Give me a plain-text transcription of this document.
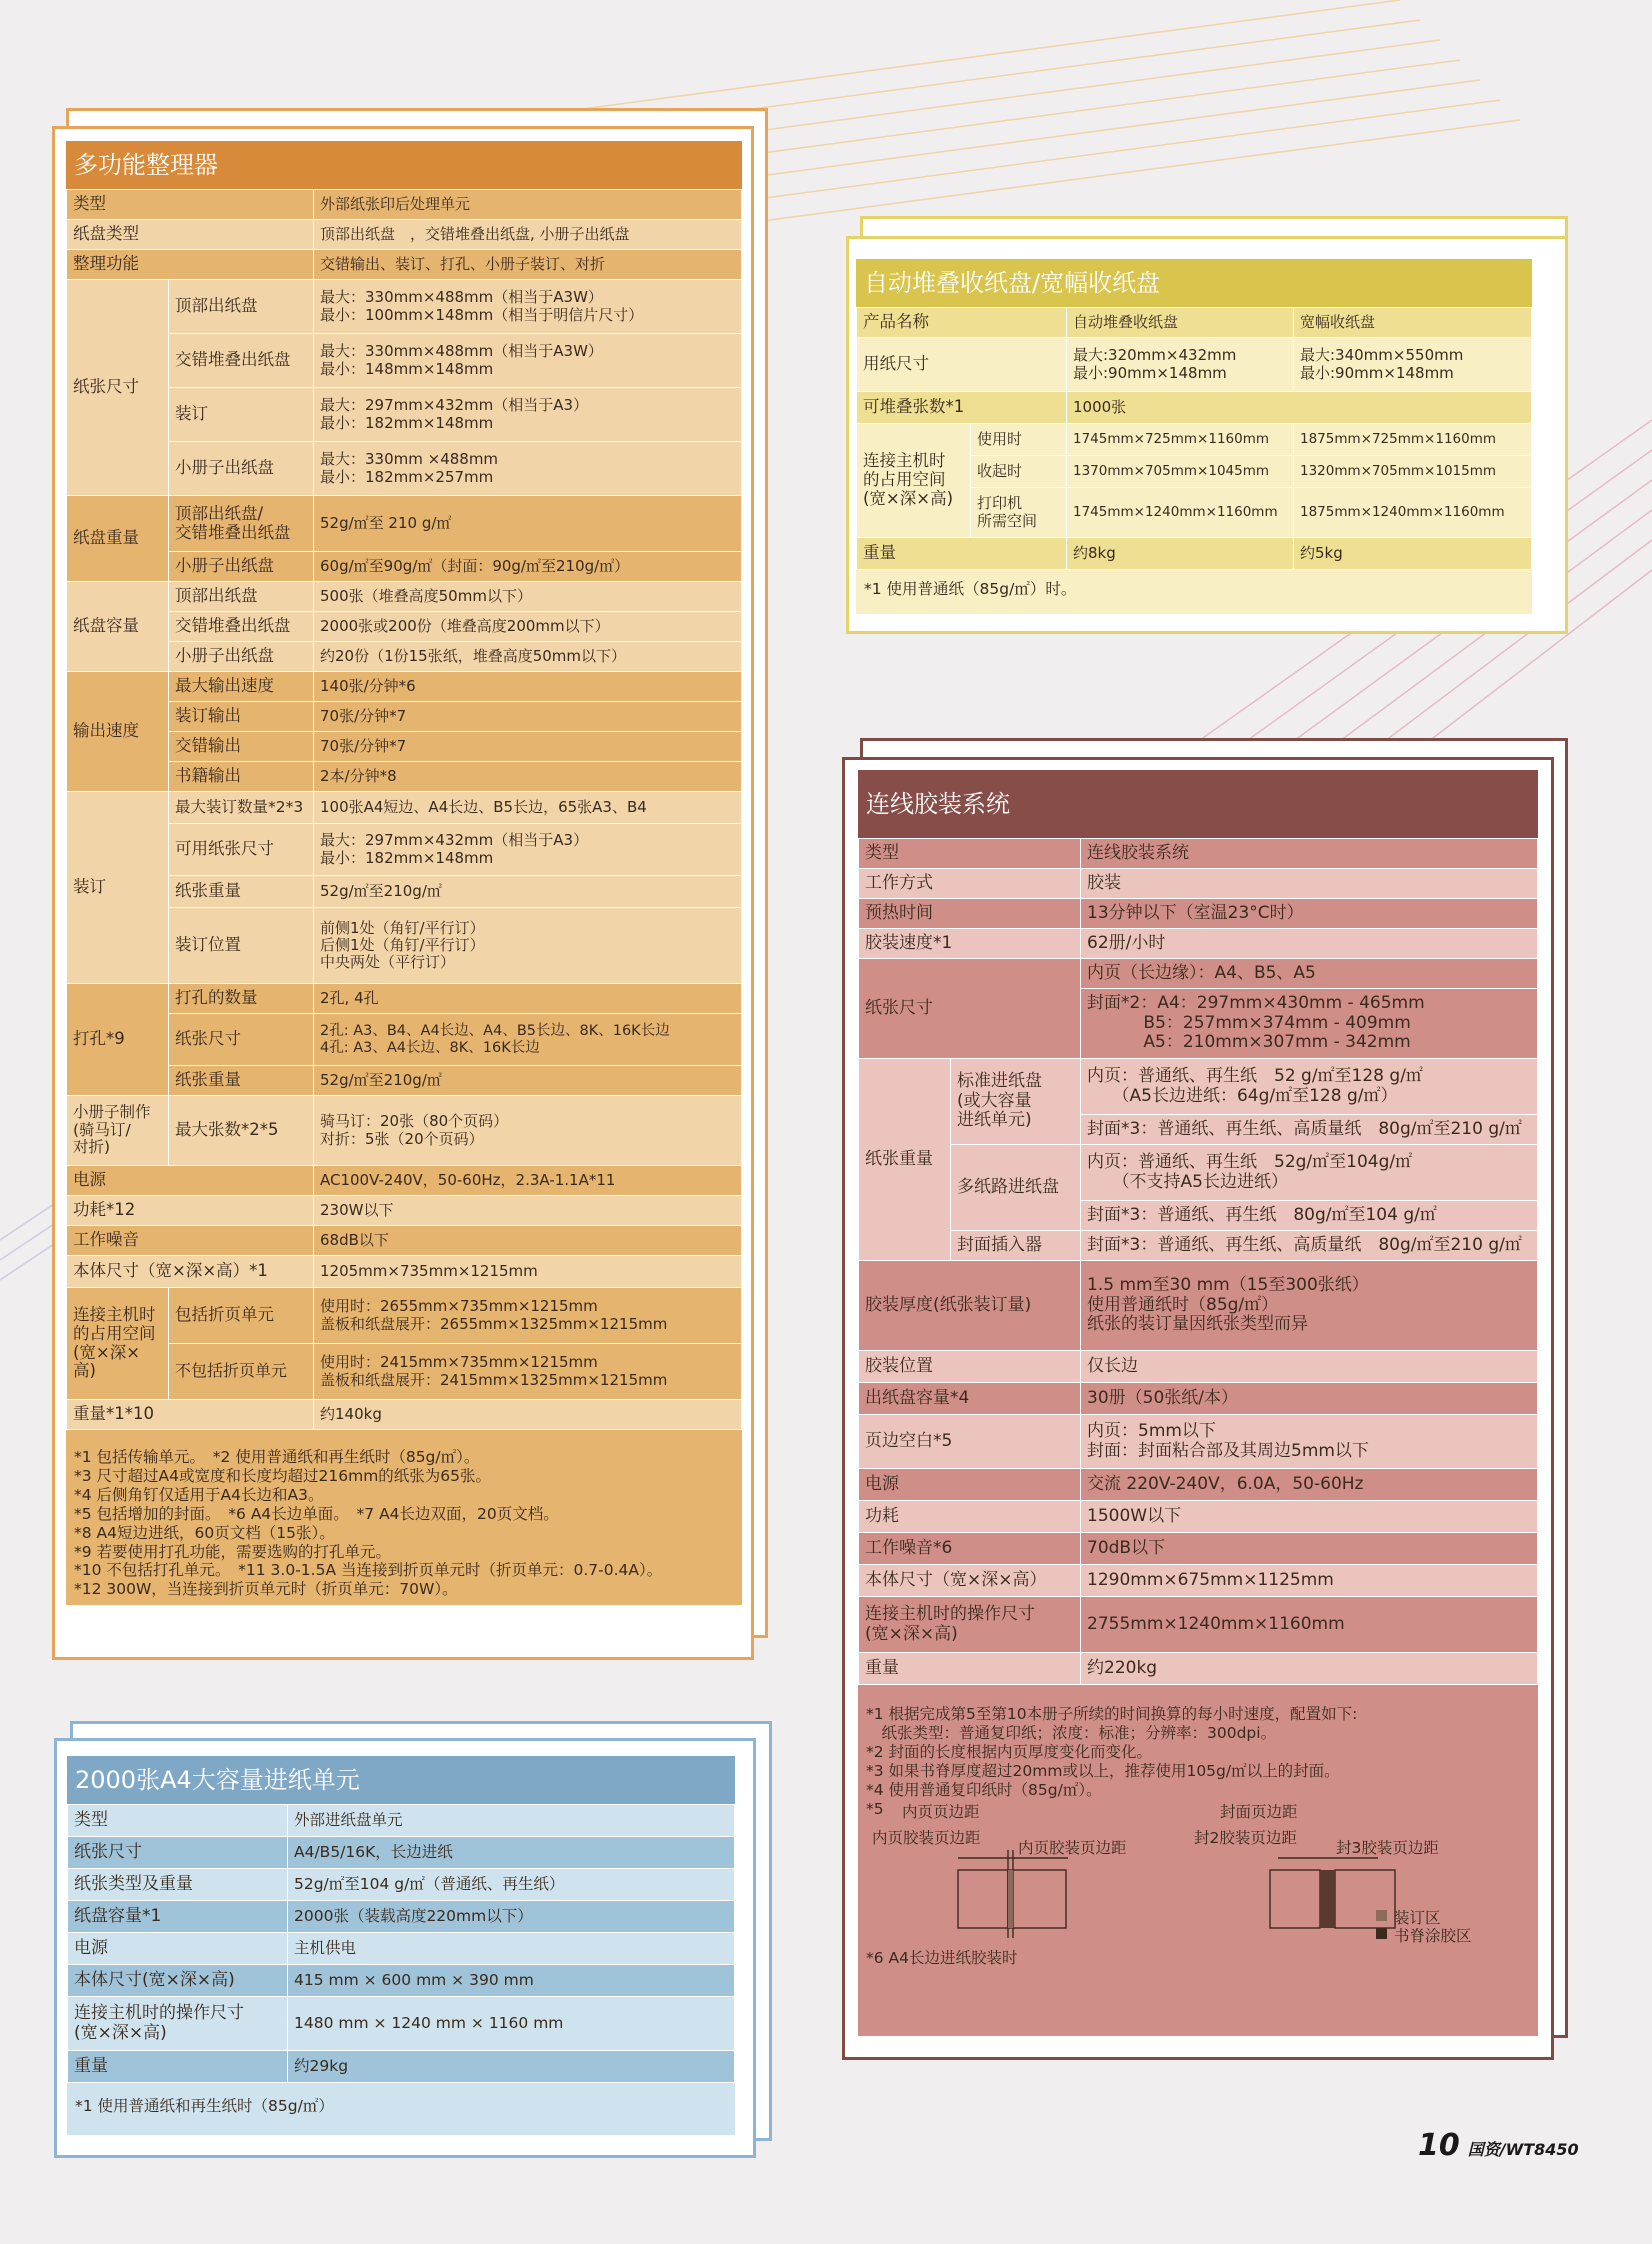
多功能整理器
类型		外部纸张印后处理单元
纸盘类型		顶部出纸盘　，交错堆叠出纸盘, 小册子出纸盘
整理功能		交错输出、装订、打孔、小册子装订、对折
纸张尺寸	顶部出纸盘	最大：330mm×488mm（相当于A3W）
最小：100mm×148mm（相当于明信片尺寸）
	交错堆叠出纸盘	最大：330mm×488mm（相当于A3W）
最小：148mm×148mm
	装订	最大：297mm×432mm（相当于A3）
最小：182mm×148mm
	小册子出纸盘	最大：330mm ×488mm
最小：182mm×257mm
纸盘重量	顶部出纸盘/
交错堆叠出纸盘	52g/㎡至 210 g/㎡
	小册子出纸盘	60g/㎡至90g/㎡（封面：90g/㎡至210g/㎡）
纸盘容量	顶部出纸盘	500张（堆叠高度50mm以下）
	交错堆叠出纸盘	2000张或200份（堆叠高度200mm以下）
	小册子出纸盘	约20份（1份15张纸，堆叠高度50mm以下）
输出速度	最大输出速度	140张/分钟*6
	装订输出	70张/分钟*7
	交错输出	70张/分钟*7
	书籍输出	2本/分钟*8
装订	最大装订数量*2*3	100张A4短边、A4长边、B5长边，65张A3、B4
	可用纸张尺寸	最大：297mm×432mm（相当于A3）
最小：182mm×148mm
	纸张重量	52g/㎡至210g/㎡
	装订位置	前侧1处（角钉/平行订）
后侧1处（角钉/平行订）
中央两处（平行订）
打孔*9	打孔的数量	2孔, 4孔
	纸张尺寸	2孔: A3、B4、A4长边、A4、B5长边、8K、16K长边
4孔: A3、A4长边、8K、16K长边
	纸张重量	52g/㎡至210g/㎡
小册子制作
(骑马订/
对折)	最大张数*2*5	骑马订：20张（80个页码）
对折：5张（20个页码）
电源		AC100V-240V，50-60Hz，2.3A-1.1A*11
功耗*12		230W以下
工作噪音		68dB以下
本体尺寸（宽×深×高）*1		1205mm×735mm×1215mm
连接主机时
的占用空间
(宽×深×高)	包括折页单元	使用时：2655mm×735mm×1215mm
盖板和纸盘展开：2655mm×1325mm×1215mm
	不包括折页单元	使用时：2415mm×735mm×1215mm
盖板和纸盘展开：2415mm×1325mm×1215mm
重量*1*10		约140kg
*1 包括传输单元。　*2 使用普通纸和再生纸时（85g/㎡）。
*3 尺寸超过A4或宽度和长度均超过216mm的纸张为65张。
*4 后侧角钉仅适用于A4长边和A3。
*5 包括增加的封面。　*6 A4长边单面。　*7 A4长边双面，20页文档。
*8 A4短边进纸，60页文档（15张）。
*9 若要使用打孔功能，需要选购的打孔单元。
*10 不包括打孔单元。　*11 3.0-1.5A 当连接到折页单元时（折页单元：0.7-0.4A）。
*12 300W，当连接到折页单元时（折页单元：70W）。
自动堆叠收纸盘/宽幅收纸盘
产品名称		自动堆叠收纸盘	宽幅收纸盘
用纸尺寸		最大:320mm×432mm
最小:90mm×148mm	最大:340mm×550mm
最小:90mm×148mm
可堆叠张数*1		1000张	
连接主机时
的占用空间
(宽×深×高)	使用时	1745mm×725mm×1160mm	1875mm×725mm×1160mm
	收起时	1370mm×705mm×1045mm	1320mm×705mm×1015mm
	打印机
所需空间	1745mm×1240mm×1160mm	1875mm×1240mm×1160mm
重量		约8kg	约5kg
*1 使用普通纸（85g/㎡）时。
连线胶装系统
类型		连线胶装系统
工作方式		胶装
预热时间		13分钟以下（室温23°C时）
胶装速度*1		62册/小时
纸张尺寸		内页（长边缘）：A4、B5、A5
		封面*2：A4：297mm×430mm - 465mm
　　　 B5：257mm×374mm - 409mm
　　　 A5：210mm×307mm - 342mm
纸张重量	标准进纸盘
(或大容量
进纸单元)	内页：普通纸、再生纸　52 g/㎡至128 g/㎡
　　（A5长边进纸：64g/㎡至128 g/㎡）
		封面*3：普通纸、再生纸、高质量纸　80g/㎡至210 g/㎡
	多纸路进纸盘	内页：普通纸、再生纸　52g/㎡至104g/㎡
　　（不支持A5长边进纸）
		封面*3：普通纸、再生纸　80g/㎡至104 g/㎡
	封面插入器	封面*3：普通纸、再生纸、高质量纸　80g/㎡至210 g/㎡
胶装厚度(纸张装订量)		1.5 mm至30 mm（15至300张纸）
使用普通纸时（85g/㎡）
纸张的装订量因纸张类型而异
胶装位置		仅长边
出纸盘容量*4		30册（50张纸/本）
页边空白*5		内页：5mm以下
封面：封面粘合部及其周边5mm以下
电源		交流 220V-240V，6.0A，50-60Hz
功耗		1500W以下
工作噪音*6		70dB以下
本体尺寸（宽×深×高）		1290mm×675mm×1125mm
连接主机时的操作尺寸
(宽×深×高)		2755mm×1240mm×1160mm
重量		约220kg
*1 根据完成第5至第10本册子所续的时间换算的每小时速度，配置如下:
　纸张类型：普通复印纸；浓度：标准；分辨率：300dpi。
*2 封面的长度根据内页厚度变化而变化。
*3 如果书脊厚度超过20mm或以上，推荐使用105g/㎡以上的封面。
*4 使用普通复印纸时（85g/㎡）。
*5 内页页边距	封面页边距
内页胶装页边距
内页胶装页边距
封2胶装页边距
封3胶装页边距
装订区
书脊涂胶区
*6 A4长边进纸胶装时
2000张A4大容量进纸单元
类型	外部进纸盘单元
纸张尺寸	A4/B5/16K，长边进纸
纸张类型及重量	52g/㎡至104 g/㎡（普通纸、再生纸）
纸盘容量*1	2000张（装载高度220mm以下）
电源	主机供电
本体尺寸(宽×深×高)	415 mm × 600 mm × 390 mm
连接主机时的操作尺寸
(宽×深×高)	1480 mm × 1240 mm × 1160 mm
重量	约29kg
*1 使用普通纸和再生纸时（85g/㎡）
10 国资/WT8450
